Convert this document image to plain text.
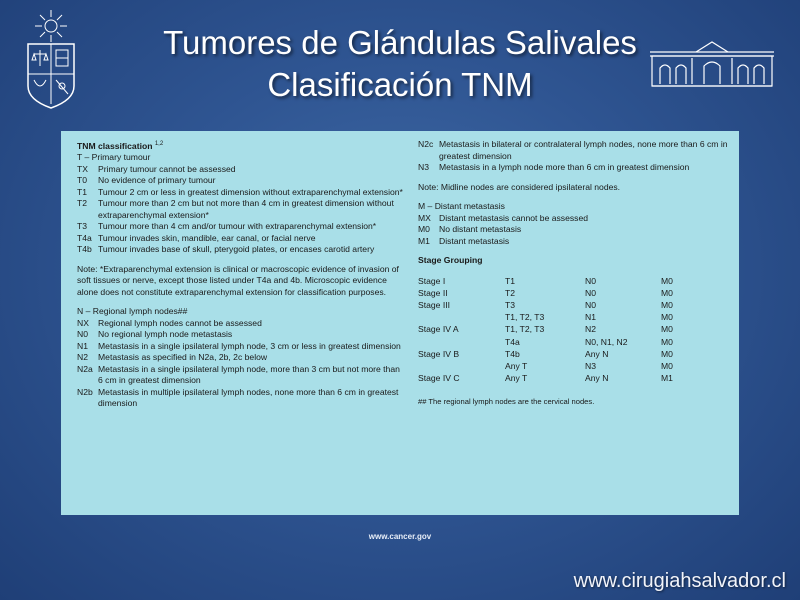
Tumores de Glándulas Salivales
Clasificación TNM
TNM classification $^{1,2}$
T – Primary tumour
TX	Primary tumour cannot be assessed
T0	No evidence of primary tumour
T1	Tumour 2 cm or less in greatest dimension without extraparenchymal extension*
T2	Tumour more than 2 cm but not more than 4 cm in greatest dimension without extraparenchymal extension*
T3	Tumour more than 4 cm and/or tumour with extraparenchymal extension*
T4a Tumour invades skin, mandible, ear canal, or facial nerve
T4b Tumour invades base of skull, pterygoid plates, or encases carotid artery
Note: *Extraparenchymal extension is clinical or macroscopic evidence of invasion of soft tissues or nerve, except those listed under T4a and 4b. Microscopic evidence alone does not constitute extraparenchymal extension for classification purposes.
N – Regional lymph nodes##
NX	Regional lymph nodes cannot be assessed
N0	No regional lymph node metastasis
N1	Metastasis in a single ipsilateral lymph node, 3 cm or less in greatest dimension
N2	Metastasis as specified in N2a, 2b, 2c below
N2a Metastasis in a single ipsilateral lymph node, more than 3 cm but not more than 6 cm in greatest dimension
N2b Metastasis in multiple ipsilateral lymph nodes, none more than 6 cm in greatest dimension
N2c Metastasis in bilateral or contralateral lymph nodes, none more than 6 cm in greatest dimension
N3	Metastasis in a lymph node more than 6 cm in greatest dimension
Note: Midline nodes are considered ipsilateral nodes.
M – Distant metastasis
MX Distant metastasis cannot be assessed
M0	No distant metastasis
M1	Distant metastasis
Stage Grouping
Stage I	T1	N0	M0
Stage II	T2	N0	M0
Stage III	T3	N0	M0
	T1, T2, T3	N1	M0
Stage IV A	T1, T2, T3	N2	M0
	T4a	N0, N1, N2	M0
Stage IV B	T4b	Any N	M0
	Any T	N3	M0
Stage IV C	Any T	Any N	M1
## The regional lymph nodes are the cervical nodes.
www.cancer.gov
www.cirugiahsalvador.cl
